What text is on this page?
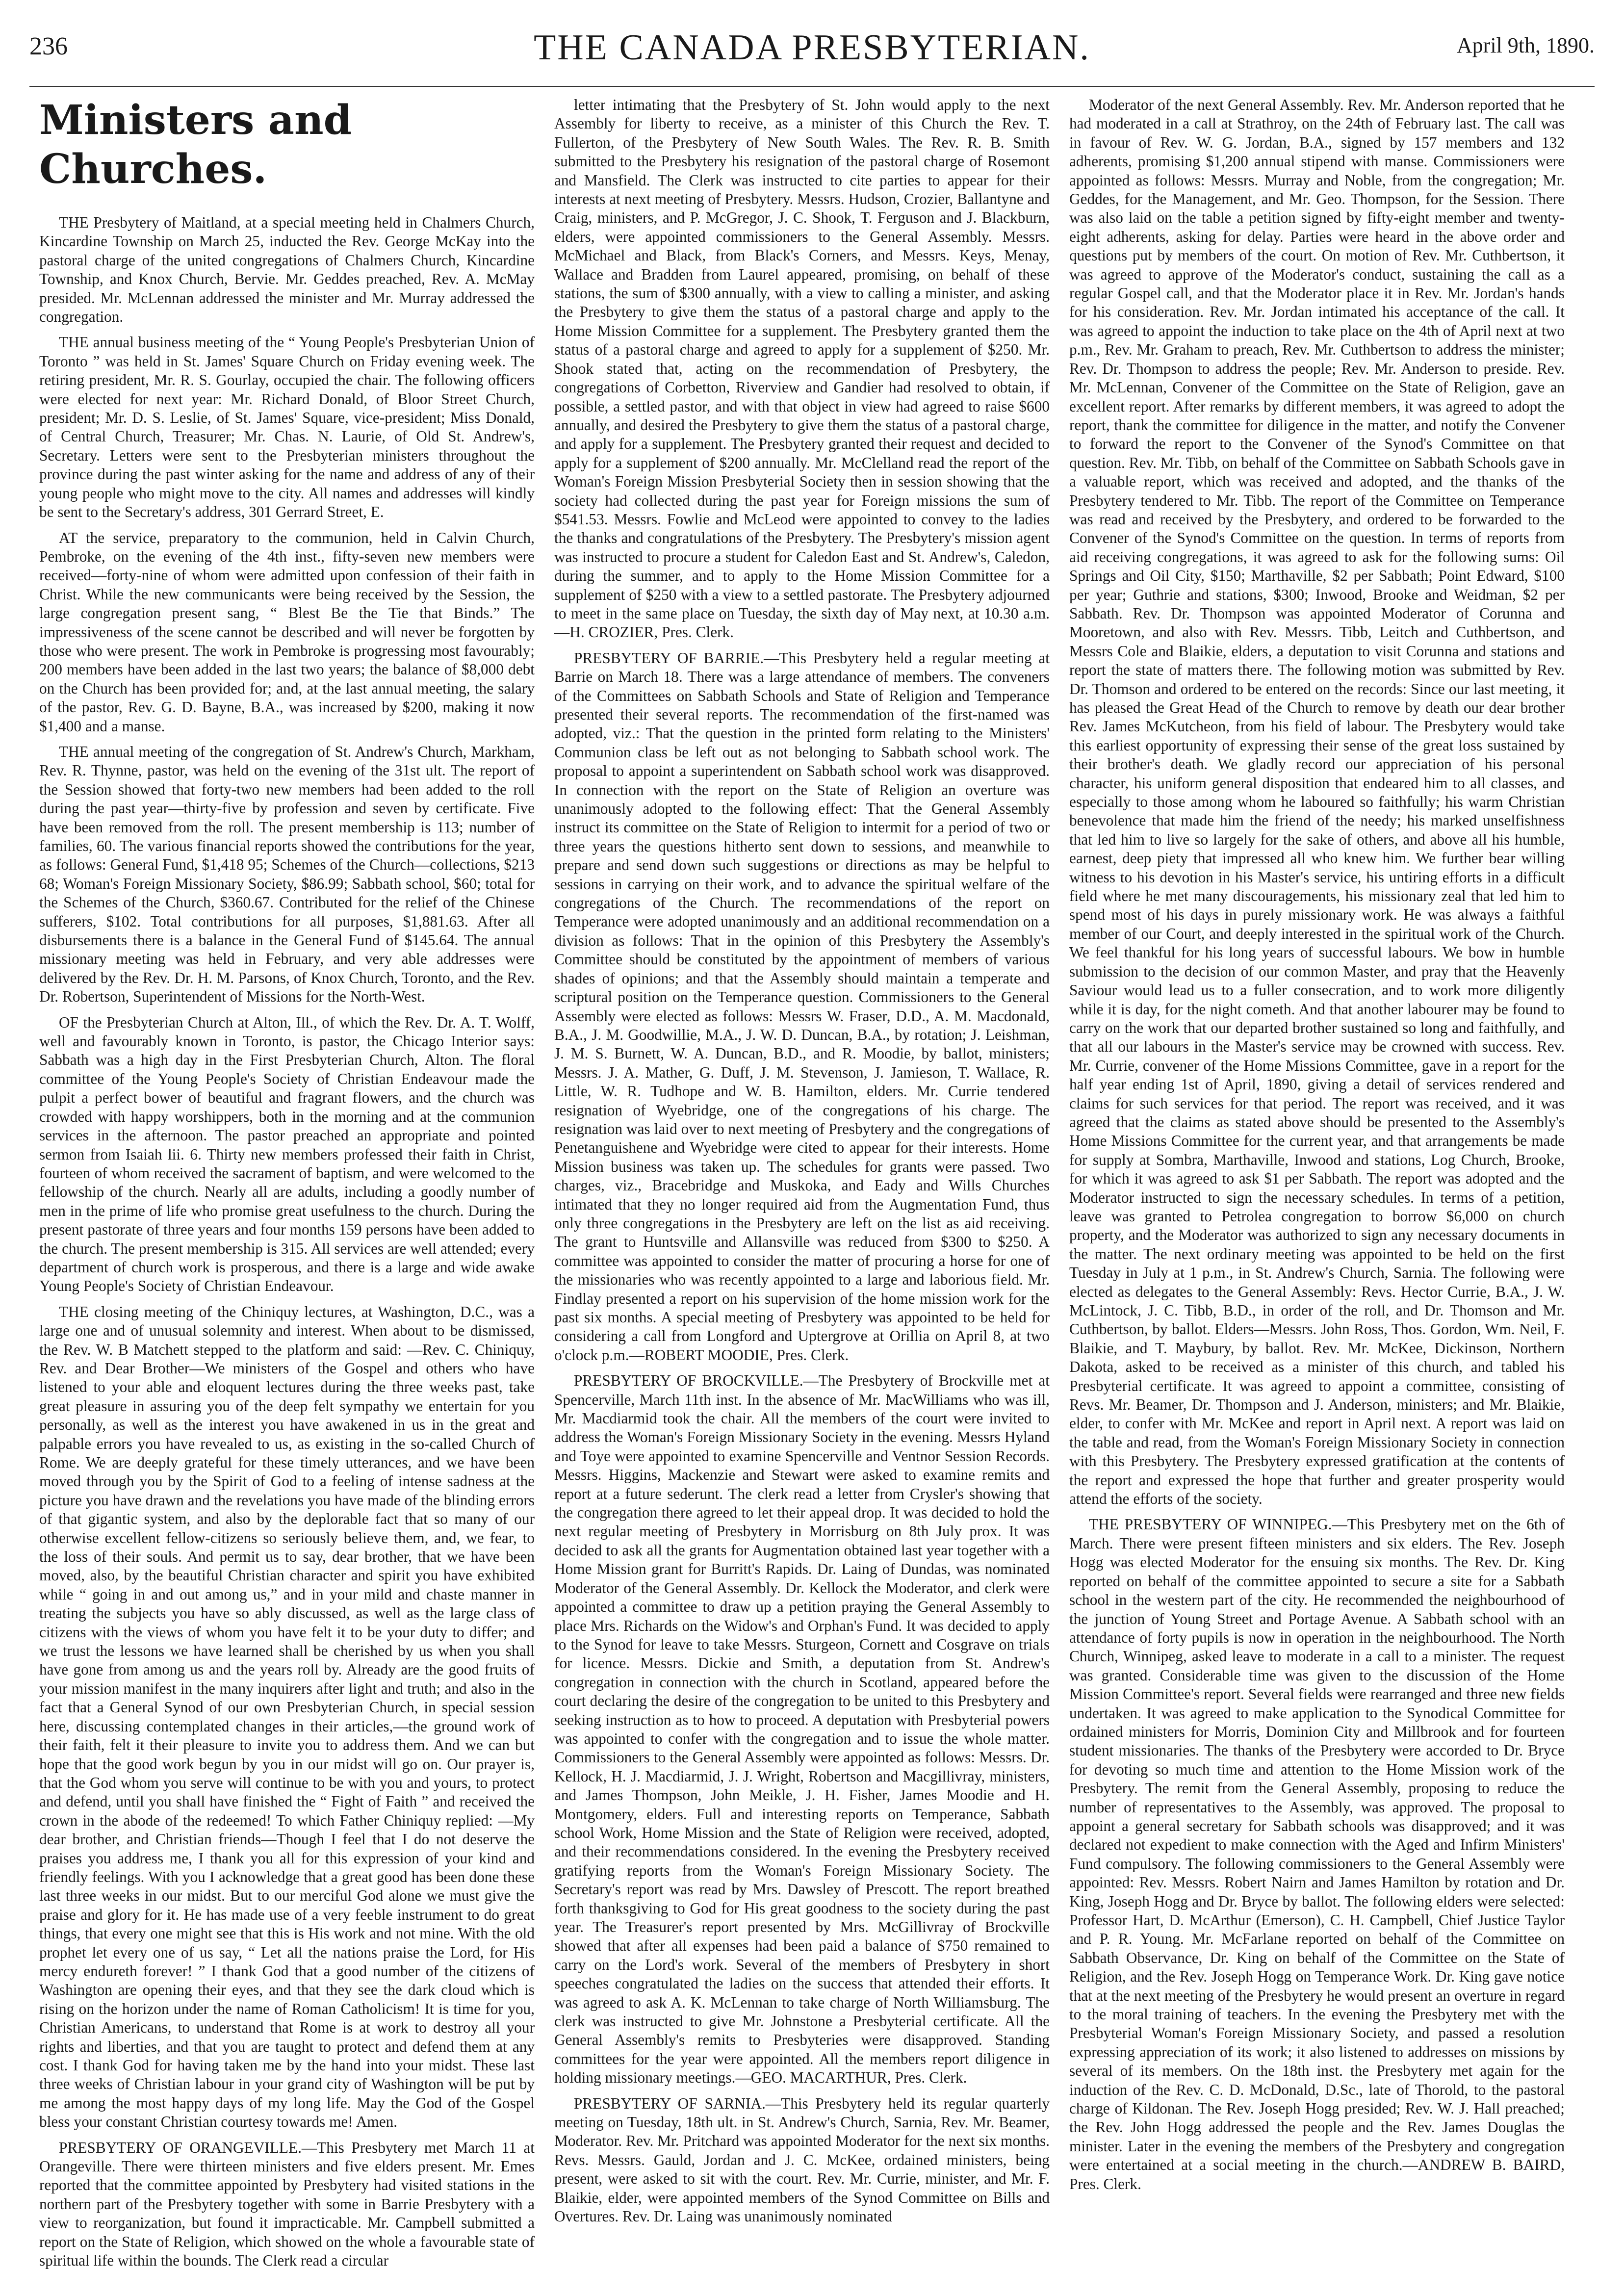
236	THE CANADA PRESBYTERIAN.	April 9th, 1890.
Ministers and Churches.

THE Presbytery of Maitland, at a special meeting held in Chalmers Church, Kincardine Township on March 25, inducted the Rev. George McKay into the pastoral charge of the united congregations of Chalmers Church, Kincardine Township, and Knox Church, Bervie. Mr. Geddes preached, Rev. A. McMay presided. Mr. McLennan addressed the minister and Mr. Murray addressed the congregation.

THE annual business meeting of the “ Young People's Presbyterian Union of Toronto ” was held in St. James' Square Church on Friday evening week. The retiring president, Mr. R. S. Gourlay, occupied the chair. The following officers were elected for next year: Mr. Richard Donald, of Bloor Street Church, president; Mr. D. S. Leslie, of St. James' Square, vice-president; Miss Donald, of Central Church, Treasurer; Mr. Chas. N. Laurie, of Old St. Andrew's, Secretary. Letters were sent to the Presbyterian ministers throughout the province during the past winter asking for the name and address of any of their young people who might move to the city. All names and addresses will kindly be sent to the Secretary's address, 301 Gerrard Street, E.

AT the service, preparatory to the communion, held in Calvin Church, Pembroke, on the evening of the 4th inst., fifty-seven new members were received—forty-nine of whom were admitted upon confession of their faith in Christ. While the new communicants were being received by the Session, the large congregation present sang, “ Blest Be the Tie that Binds.” The impressiveness of the scene cannot be described and will never be forgotten by those who were present. The work in Pembroke is progressing most favourably; 200 members have been added in the last two years; the balance of $8,000 debt on the Church has been provided for; and, at the last annual meeting, the salary of the pastor, Rev. G. D. Bayne, B.A., was increased by $200, making it now $1,400 and a manse.

THE annual meeting of the congregation of St. Andrew's Church, Markham, Rev. R. Thynne, pastor, was held on the evening of the 31st ult. The report of the Session showed that forty-two new members had been added to the roll during the past year—thirty-five by profession and seven by certificate. Five have been removed from the roll. The present membership is 113; number of families, 60. The various financial reports showed the contributions for the year, as follows: General Fund, $1,418 95; Schemes of the Church—collections, $213 68; Woman's Foreign Missionary Society, $86.99; Sabbath school, $60; total for the Schemes of the Church, $360.67. Contributed for the relief of the Chinese sufferers, $102. Total contributions for all purposes, $1,881.63. After all disbursements there is a balance in the General Fund of $145.64. The annual missionary meeting was held in February, and very able addresses were delivered by the Rev. Dr. H. M. Parsons, of Knox Church, Toronto, and the Rev. Dr. Robertson, Superintendent of Missions for the North-West.

OF the Presbyterian Church at Alton, Ill., of which the Rev. Dr. A. T. Wolff, well and favourably known in Toronto, is pastor, the Chicago Interior says: Sabbath was a high day in the First Presbyterian Church, Alton. The floral committee of the Young People's Society of Christian Endeavour made the pulpit a perfect bower of beautiful and fragrant flowers, and the church was crowded with happy worshippers, both in the morning and at the communion services in the afternoon. The pastor preached an appropriate and pointed sermon from Isaiah lii. 6. Thirty new members professed their faith in Christ, fourteen of whom received the sacrament of baptism, and were welcomed to the fellowship of the church. Nearly all are adults, including a goodly number of men in the prime of life who promise great usefulness to the church. During the present pastorate of three years and four months 159 persons have been added to the church. The present membership is 315. All services are well attended; every department of church work is prosperous, and there is a large and wide awake Young People's Society of Christian Endeavour.

THE closing meeting of the Chiniquy lectures, at Washington, D.C., was a large one and of unusual solemnity and interest. When about to be dismissed, the Rev. W. B Matchett stepped to the platform and said: —Rev. C. Chiniquy, Rev. and Dear Brother—We ministers of the Gospel and others who have listened to your able and eloquent lectures during the three weeks past, take great pleasure in assuring you of the deep felt sympathy we entertain for you personally, as well as the interest you have awakened in us in the great and palpable errors you have revealed to us, as existing in the so-called Church of Rome. We are deeply grateful for these timely utterances, and we have been moved through you by the Spirit of God to a feeling of intense sadness at the picture you have drawn and the revelations you have made of the blinding errors of that gigantic system, and also by the deplorable fact that so many of our otherwise excellent fellow-citizens so seriously believe them, and, we fear, to the loss of their souls. And permit us to say, dear brother, that we have been moved, also, by the beautiful Christian character and spirit you have exhibited while “ going in and out among us,” and in your mild and chaste manner in treating the subjects you have so ably discussed, as well as the large class of citizens with the views of whom you have felt it to be your duty to differ; and we trust the lessons we have learned shall be cherished by us when you shall have gone from among us and the years roll by. Already are the good fruits of your mission manifest in the many inquirers after light and truth; and also in the fact that a General Synod of our own Presbyterian Church, in special session here, discussing contemplated changes in their articles,—the ground work of their faith, felt it their pleasure to invite you to address them. And we can but hope that the good work begun by you in our midst will go on. Our prayer is, that the God whom you serve will continue to be with you and yours, to protect and defend, until you shall have finished the “ Fight of Faith ” and received the crown in the abode of the redeemed! To which Father Chiniquy replied: —My dear brother, and Christian friends—Though I feel that I do not deserve the praises you address me, I thank you all for this expression of your kind and friendly feelings. With you I acknowledge that a great good has been done these last three weeks in our midst. But to our merciful God alone we must give the praise and glory for it. He has made use of a very feeble instrument to do great things, that every one might see that this is His work and not mine. With the old prophet let every one of us say, “ Let all the nations praise the Lord, for His mercy endureth forever! ” I thank God that a good number of the citizens of Washington are opening their eyes, and that they see the dark cloud which is rising on the horizon under the name of Roman Catholicism! It is time for you, Christian Americans, to understand that Rome is at work to destroy all your rights and liberties, and that you are taught to protect and defend them at any cost. I thank God for having taken me by the hand into your midst. These last three weeks of Christian labour in your grand city of Washington will be put by me among the most happy days of my long life. May the God of the Gospel bless your constant Christian courtesy towards me! Amen.

PRESBYTERY OF ORANGEVILLE.—This Presbytery met March 11 at Orangeville. There were thirteen ministers and five elders present. Mr. Emes reported that the committee appointed by Presbytery had visited stations in the northern part of the Presbytery together with some in Barrie Presbytery with a view to reorganization, but found it impracticable. Mr. Campbell submitted a report on the State of Religion, which showed on the whole a favourable state of spiritual life within the bounds. The Clerk read a circular

letter intimating that the Presbytery of St. John would apply to the next Assembly for liberty to receive, as a minister of this Church the Rev. T. Fullerton, of the Presbytery of New South Wales. The Rev. R. B. Smith submitted to the Presbytery his resignation of the pastoral charge of Rosemont and Mansfield. The Clerk was instructed to cite parties to appear for their interests at next meeting of Presbytery. Messrs. Hudson, Crozier, Ballantyne and Craig, ministers, and P. McGregor, J. C. Shook, T. Ferguson and J. Blackburn, elders, were appointed commissioners to the General Assembly. Messrs. McMichael and Black, from Black's Corners, and Messrs. Keys, Menay, Wallace and Bradden from Laurel appeared, promising, on behalf of these stations, the sum of $300 annually, with a view to calling a minister, and asking the Presbytery to give them the status of a pastoral charge and apply to the Home Mission Committee for a supplement. The Presbytery granted them the status of a pastoral charge and agreed to apply for a supplement of $250. Mr. Shook stated that, acting on the recommendation of Presbytery, the congregations of Corbetton, Riverview and Gandier had resolved to obtain, if possible, a settled pastor, and with that object in view had agreed to raise $600 annually, and desired the Presbytery to give them the status of a pastoral charge, and apply for a supplement. The Presbytery granted their request and decided to apply for a supplement of $200 annually. Mr. McClelland read the report of the Woman's Foreign Mission Presbyterial Society then in session showing that the society had collected during the past year for Foreign missions the sum of $541.53. Messrs. Fowlie and McLeod were appointed to convey to the ladies the thanks and congratulations of the Presbytery. The Presbytery's mission agent was instructed to procure a student for Caledon East and St. Andrew's, Caledon, during the summer, and to apply to the Home Mission Committee for a supplement of $250 with a view to a settled pastorate. The Presbytery adjourned to meet in the same place on Tuesday, the sixth day of May next, at 10.30 a.m.—H. CROZIER, Pres. Clerk.

PRESBYTERY OF BARRIE.—This Presbytery held a regular meeting at Barrie on March 18. There was a large attendance of members. The conveners of the Committees on Sabbath Schools and State of Religion and Temperance presented their several reports. The recommendation of the first-named was adopted, viz.: That the question in the printed form relating to the Ministers' Communion class be left out as not belonging to Sabbath school work. The proposal to appoint a superintendent on Sabbath school work was disapproved. In connection with the report on the State of Religion an overture was unanimously adopted to the following effect: That the General Assembly instruct its committee on the State of Religion to intermit for a period of two or three years the questions hitherto sent down to sessions, and meanwhile to prepare and send down such suggestions or directions as may be helpful to sessions in carrying on their work, and to advance the spiritual welfare of the congregations of the Church. The recommendations of the report on Temperance were adopted unanimously and an additional recommendation on a division as follows: That in the opinion of this Presbytery the Assembly's Committee should be constituted by the appointment of members of various shades of opinions; and that the Assembly should maintain a temperate and scriptural position on the Temperance question. Commissioners to the General Assembly were elected as follows: Messrs W. Fraser, D.D., A. M. Macdonald, B.A., J. M. Goodwillie, M.A., J. W. D. Duncan, B.A., by rotation; J. Leishman, J. M. S. Burnett, W. A. Duncan, B.D., and R. Moodie, by ballot, ministers; Messrs. J. A. Mather, G. Duff, J. M. Stevenson, J. Jamieson, T. Wallace, R. Little, W. R. Tudhope and W. B. Hamilton, elders. Mr. Currie tendered resignation of Wyebridge, one of the congregations of his charge. The resignation was laid over to next meeting of Presbytery and the congregations of Penetanguishene and Wyebridge were cited to appear for their interests. Home Mission business was taken up. The schedules for grants were passed. Two charges, viz., Bracebridge and Muskoka, and Eady and Wills Churches intimated that they no longer required aid from the Augmentation Fund, thus only three congregations in the Presbytery are left on the list as aid receiving. The grant to Huntsville and Allansville was reduced from $300 to $250. A committee was appointed to consider the matter of procuring a horse for one of the missionaries who was recently appointed to a large and laborious field. Mr. Findlay presented a report on his supervision of the home mission work for the past six months. A special meeting of Presbytery was appointed to be held for considering a call from Longford and Uptergrove at Orillia on April 8, at two o'clock p.m.—ROBERT MOODIE, Pres. Clerk.

PRESBYTERY OF BROCKVILLE.—The Presbytery of Brockville met at Spencerville, March 11th inst. In the absence of Mr. MacWilliams who was ill, Mr. Macdiarmid took the chair. All the members of the court were invited to address the Woman's Foreign Missionary Society in the evening. Messrs Hyland and Toye were appointed to examine Spencerville and Ventnor Session Records. Messrs. Higgins, Mackenzie and Stewart were asked to examine remits and report at a future sederunt. The clerk read a letter from Crysler's showing that the congregation there agreed to let their appeal drop. It was decided to hold the next regular meeting of Presbytery in Morrisburg on 8th July prox. It was decided to ask all the grants for Augmentation obtained last year together with a Home Mission grant for Burritt's Rapids. Dr. Laing of Dundas, was nominated Moderator of the General Assembly. Dr. Kellock the Moderator, and clerk were appointed a committee to draw up a petition praying the General Assembly to place Mrs. Richards on the Widow's and Orphan's Fund. It was decided to apply to the Synod for leave to take Messrs. Sturgeon, Cornett and Cosgrave on trials for licence. Messrs. Dickie and Smith, a deputation from St. Andrew's congregation in connection with the church in Scotland, appeared before the court declaring the desire of the congregation to be united to this Presbytery and seeking instruction as to how to proceed. A deputation with Presbyterial powers was appointed to confer with the congregation and to issue the whole matter. Commissioners to the General Assembly were appointed as follows: Messrs. Dr. Kellock, H. J. Macdiarmid, J. J. Wright, Robertson and Macgillivray, ministers, and James Thompson, John Meikle, J. H. Fisher, James Moodie and H. Montgomery, elders. Full and interesting reports on Temperance, Sabbath school Work, Home Mission and the State of Religion were received, adopted, and their recommendations considered. In the evening the Presbytery received gratifying reports from the Woman's Foreign Missionary Society. The Secretary's report was read by Mrs. Dawsley of Prescott. The report breathed forth thanksgiving to God for His great goodness to the society during the past year. The Treasurer's report presented by Mrs. McGillivray of Brockville showed that after all expenses had been paid a balance of $750 remained to carry on the Lord's work. Several of the members of Presbytery in short speeches congratulated the ladies on the success that attended their efforts. It was agreed to ask A. K. McLennan to take charge of North Williamsburg. The clerk was instructed to give Mr. Johnstone a Presbyterial certificate. All the General Assembly's remits to Presbyteries were disapproved. Standing committees for the year were appointed. All the members report diligence in holding missionary meetings.—GEO. MACARTHUR, Pres. Clerk.

PRESBYTERY OF SARNIA.—This Presbytery held its regular quarterly meeting on Tuesday, 18th ult. in St. Andrew's Church, Sarnia, Rev. Mr. Beamer, Moderator. Rev. Mr. Pritchard was appointed Moderator for the next six months. Revs. Messrs. Gauld, Jordan and J. C. McKee, ordained ministers, being present, were asked to sit with the court. Rev. Mr. Currie, minister, and Mr. F. Blaikie, elder, were appointed members of the Synod Committee on Bills and Overtures. Rev. Dr. Laing was unanimously nominated

Moderator of the next General Assembly. Rev. Mr. Anderson reported that he had moderated in a call at Strathroy, on the 24th of February last. The call was in favour of Rev. W. G. Jordan, B.A., signed by 157 members and 132 adherents, promising $1,200 annual stipend with manse. Commissioners were appointed as follows: Messrs. Murray and Noble, from the congregation; Mr. Geddes, for the Management, and Mr. Geo. Thompson, for the Session. There was also laid on the table a petition signed by fifty-eight member and twenty-eight adherents, asking for delay. Parties were heard in the above order and questions put by members of the court. On motion of Rev. Mr. Cuthbertson, it was agreed to approve of the Moderator's conduct, sustaining the call as a regular Gospel call, and that the Moderator place it in Rev. Mr. Jordan's hands for his consideration. Rev. Mr. Jordan intimated his acceptance of the call. It was agreed to appoint the induction to take place on the 4th of April next at two p.m., Rev. Mr. Graham to preach, Rev. Mr. Cuthbertson to address the minister; Rev. Dr. Thompson to address the people; Rev. Mr. Anderson to preside. Rev. Mr. McLennan, Convener of the Committee on the State of Religion, gave an excellent report. After remarks by different members, it was agreed to adopt the report, thank the committee for diligence in the matter, and notify the Convener to forward the report to the Convener of the Synod's Committee on that question. Rev. Mr. Tibb, on behalf of the Committee on Sabbath Schools gave in a valuable report, which was received and adopted, and the thanks of the Presbytery tendered to Mr. Tibb. The report of the Committee on Temperance was read and received by the Presbytery, and ordered to be forwarded to the Convener of the Synod's Committee on the question. In terms of reports from aid receiving congregations, it was agreed to ask for the following sums: Oil Springs and Oil City, $150; Marthaville, $2 per Sabbath; Point Edward, $100 per year; Guthrie and stations, $300; Inwood, Brooke and Weidman, $2 per Sabbath. Rev. Dr. Thompson was appointed Moderator of Corunna and Mooretown, and also with Rev. Messrs. Tibb, Leitch and Cuthbertson, and Messrs Cole and Blaikie, elders, a deputation to visit Corunna and stations and report the state of matters there. The following motion was submitted by Rev. Dr. Thomson and ordered to be entered on the records: Since our last meeting, it has pleased the Great Head of the Church to remove by death our dear brother Rev. James McKutcheon, from his field of labour. The Presbytery would take this earliest opportunity of expressing their sense of the great loss sustained by their brother's death. We gladly record our appreciation of his personal character, his uniform general disposition that endeared him to all classes, and especially to those among whom he laboured so faithfully; his warm Christian benevolence that made him the friend of the needy; his marked unselfishness that led him to live so largely for the sake of others, and above all his humble, earnest, deep piety that impressed all who knew him. We further bear willing witness to his devotion in his Master's service, his untiring efforts in a difficult field where he met many discouragements, his missionary zeal that led him to spend most of his days in purely missionary work. He was always a faithful member of our Court, and deeply interested in the spiritual work of the Church. We feel thankful for his long years of successful labours. We bow in humble submission to the decision of our common Master, and pray that the Heavenly Saviour would lead us to a fuller consecration, and to work more diligently while it is day, for the night cometh. And that another labourer may be found to carry on the work that our departed brother sustained so long and faithfully, and that all our labours in the Master's service may be crowned with success. Rev. Mr. Currie, convener of the Home Missions Committee, gave in a report for the half year ending 1st of April, 1890, giving a detail of services rendered and claims for such services for that period. The report was received, and it was agreed that the claims as stated above should be presented to the Assembly's Home Missions Committee for the current year, and that arrangements be made for supply at Sombra, Marthaville, Inwood and stations, Log Church, Brooke, for which it was agreed to ask $1 per Sabbath. The report was adopted and the Moderator instructed to sign the necessary schedules. In terms of a petition, leave was granted to Petrolea congregation to borrow $6,000 on church property, and the Moderator was authorized to sign any necessary documents in the matter. The next ordinary meeting was appointed to be held on the first Tuesday in July at 1 p.m., in St. Andrew's Church, Sarnia. The following were elected as delegates to the General Assembly: Revs. Hector Currie, B.A., J. W. McLintock, J. C. Tibb, B.D., in order of the roll, and Dr. Thomson and Mr. Cuthbertson, by ballot. Elders—Messrs. John Ross, Thos. Gordon, Wm. Neil, F. Blaikie, and T. Maybury, by ballot. Rev. Mr. McKee, Dickinson, Northern Dakota, asked to be received as a minister of this church, and tabled his Presbyterial certificate. It was agreed to appoint a committee, consisting of Revs. Mr. Beamer, Dr. Thompson and J. Anderson, ministers; and Mr. Blaikie, elder, to confer with Mr. McKee and report in April next. A report was laid on the table and read, from the Woman's Foreign Missionary Society in connection with this Presbytery. The Presbytery expressed gratification at the contents of the report and expressed the hope that further and greater prosperity would attend the efforts of the society.

THE PRESBYTERY OF WINNIPEG.—This Presbytery met on the 6th of March. There were present fifteen ministers and six elders. The Rev. Joseph Hogg was elected Moderator for the ensuing six months. The Rev. Dr. King reported on behalf of the committee appointed to secure a site for a Sabbath school in the western part of the city. He recommended the neighbourhood of the junction of Young Street and Portage Avenue. A Sabbath school with an attendance of forty pupils is now in operation in the neighbourhood. The North Church, Winnipeg, asked leave to moderate in a call to a minister. The request was granted. Considerable time was given to the discussion of the Home Mission Committee's report. Several fields were rearranged and three new fields undertaken. It was agreed to make application to the Synodical Committee for ordained ministers for Morris, Dominion City and Millbrook and for fourteen student missionaries. The thanks of the Presbytery were accorded to Dr. Bryce for devoting so much time and attention to the Home Mission work of the Presbytery. The remit from the General Assembly, proposing to reduce the number of representatives to the Assembly, was approved. The proposal to appoint a general secretary for Sabbath schools was disapproved; and it was declared not expedient to make connection with the Aged and Infirm Ministers' Fund compulsory. The following commissioners to the General Assembly were appointed: Rev. Messrs. Robert Nairn and James Hamilton by rotation and Dr. King, Joseph Hogg and Dr. Bryce by ballot. The following elders were selected: Professor Hart, D. McArthur (Emerson), C. H. Campbell, Chief Justice Taylor and P. R. Young. Mr. McFarlane reported on behalf of the Committee on Sabbath Observance, Dr. King on behalf of the Committee on the State of Religion, and the Rev. Joseph Hogg on Temperance Work. Dr. King gave notice that at the next meeting of the Presbytery he would present an overture in regard to the moral training of teachers. In the evening the Presbytery met with the Presbyterial Woman's Foreign Missionary Society, and passed a resolution expressing appreciation of its work; it also listened to addresses on missions by several of its members. On the 18th inst. the Presbytery met again for the induction of the Rev. C. D. McDonald, D.Sc., late of Thorold, to the pastoral charge of Kildonan. The Rev. Joseph Hogg presided; Rev. W. J. Hall preached; the Rev. John Hogg addressed the people and the Rev. James Douglas the minister. Later in the evening the members of the Presbytery and congregation were entertained at a social meeting in the church.—ANDREW B. BAIRD, Pres. Clerk.
